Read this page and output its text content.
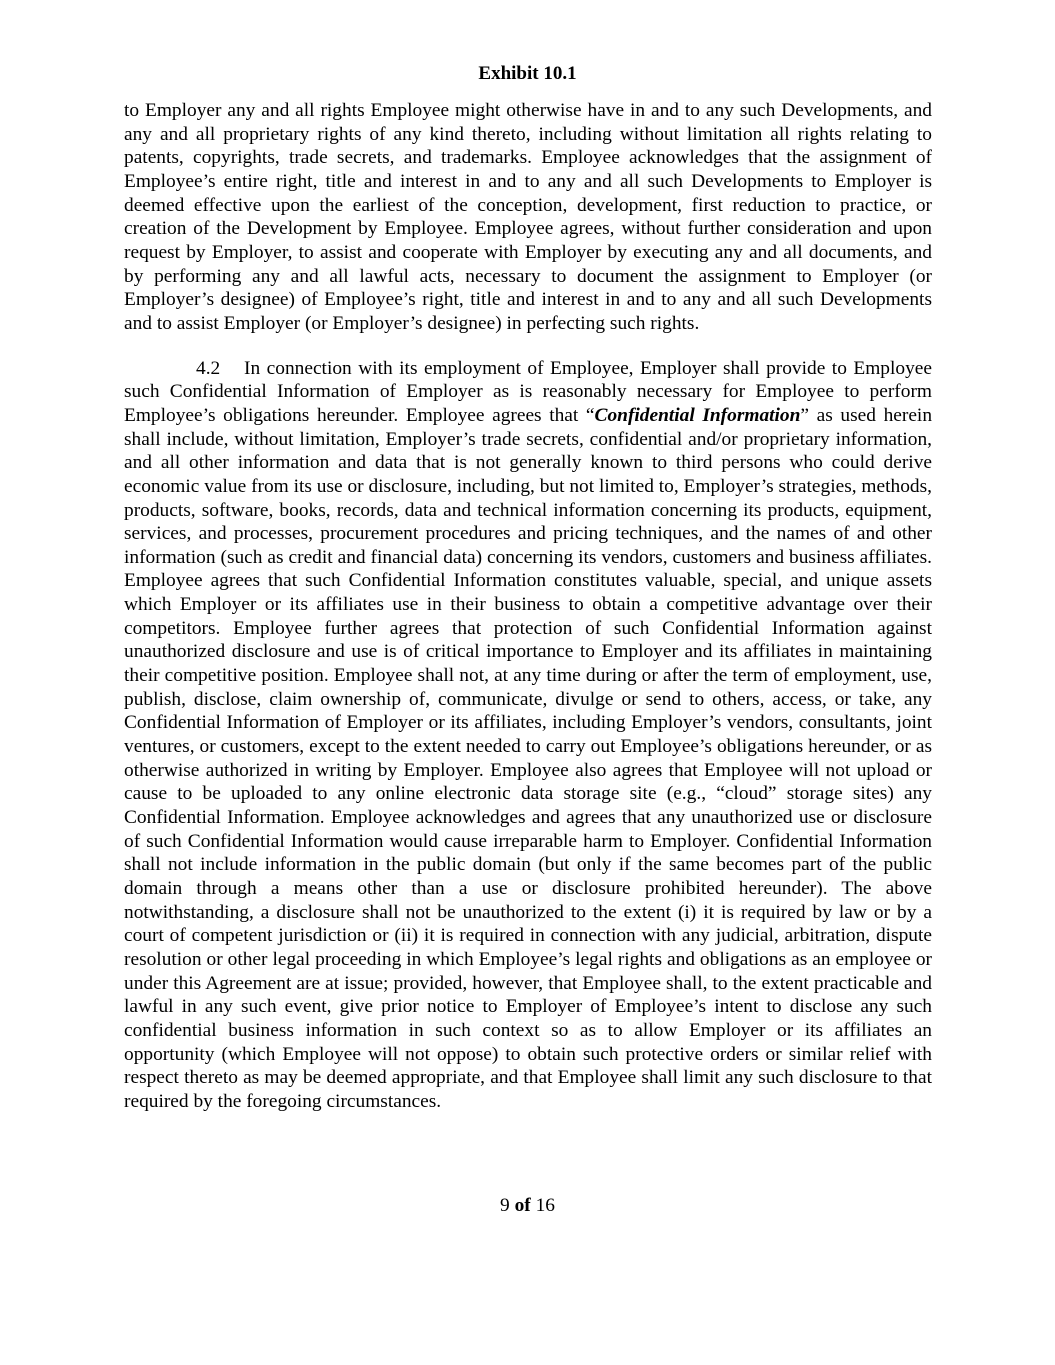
Exhibit 10.1

to Employer any and all rights Employee might otherwise have in and to any such Developments, and any and all proprietary rights of any kind thereto, including without limitation all rights relating to patents, copyrights, trade secrets, and trademarks. Employee acknowledges that the assignment of Employee’s entire right, title and interest in and to any and all such Developments to Employer is deemed effective upon the earliest of the conception, development, first reduction to practice, or creation of the Development by Employee. Employee agrees, without further consideration and upon request by Employer, to assist and cooperate with Employer by executing any and all documents, and by performing any and all lawful acts, necessary to document the assignment to Employer (or Employer’s designee) of Employee’s right, title and interest in and to any and all such Developments and to assist Employer (or Employer’s designee) in perfecting such rights.

4.2 In connection with its employment of Employee, Employer shall provide to Employee such Confidential Information of Employer as is reasonably necessary for Employee to perform Employee’s obligations hereunder. Employee agrees that “Confidential Information” as used herein shall include, without limitation, Employer’s trade secrets, confidential and/or proprietary information, and all other information and data that is not generally known to third persons who could derive economic value from its use or disclosure, including, but not limited to, Employer’s strategies, methods, products, software, books, records, data and technical information concerning its products, equipment, services, and processes, procurement procedures and pricing techniques, and the names of and other information (such as credit and financial data) concerning its vendors, customers and business affiliates. Employee agrees that such Confidential Information constitutes valuable, special, and unique assets which Employer or its affiliates use in their business to obtain a competitive advantage over their competitors. Employee further agrees that protection of such Confidential Information against unauthorized disclosure and use is of critical importance to Employer and its affiliates in maintaining their competitive position. Employee shall not, at any time during or after the term of employment, use, publish, disclose, claim ownership of, communicate, divulge or send to others, access, or take, any Confidential Information of Employer or its affiliates, including Employer’s vendors, consultants, joint ventures, or customers, except to the extent needed to carry out Employee’s obligations hereunder, or as otherwise authorized in writing by Employer. Employee also agrees that Employee will not upload or cause to be uploaded to any online electronic data storage site (e.g., “cloud” storage sites) any Confidential Information. Employee acknowledges and agrees that any unauthorized use or disclosure of such Confidential Information would cause irreparable harm to Employer. Confidential Information shall not include information in the public domain (but only if the same becomes part of the public domain through a means other than a use or disclosure prohibited hereunder). The above notwithstanding, a disclosure shall not be unauthorized to the extent (i) it is required by law or by a court of competent jurisdiction or (ii) it is required in connection with any judicial, arbitration, dispute resolution or other legal proceeding in which Employee’s legal rights and obligations as an employee or under this Agreement are at issue; provided, however, that Employee shall, to the extent practicable and lawful in any such event, give prior notice to Employer of Employee’s intent to disclose any such confidential business information in such context so as to allow Employer or its affiliates an opportunity (which Employee will not oppose) to obtain such protective orders or similar relief with respect thereto as may be deemed appropriate, and that Employee shall limit any such disclosure to that required by the foregoing circumstances.

9 of 16
